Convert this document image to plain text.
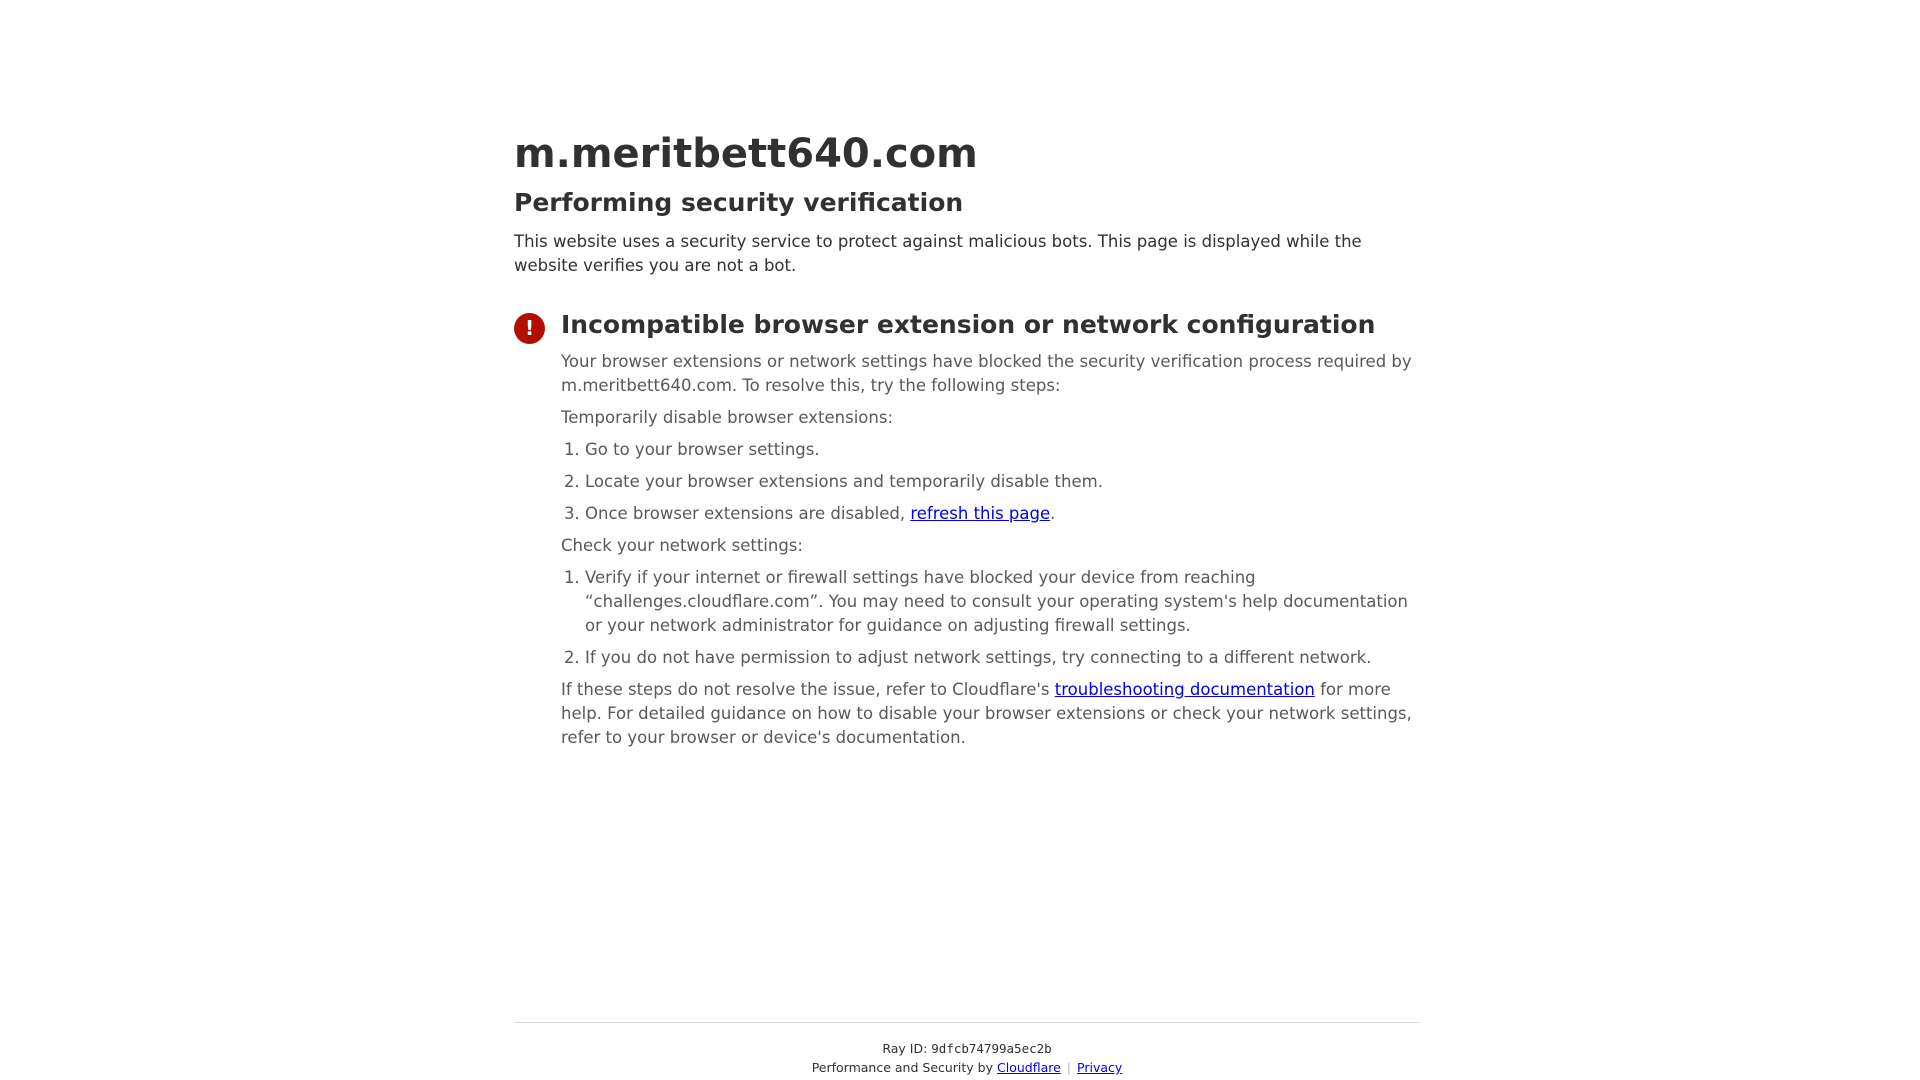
m.meritbett640.com
Performing security verification

This website uses a security service to protect against malicious bots. This page is displayed while the website verifies you are not a bot.

!	Incompatible browser extension or network configuration

Your browser extensions or network settings have blocked the security verification process required by m.meritbett640.com. To resolve this, try the following steps:

Temporarily disable browser extensions:

1. Go to your browser settings.
2. Locate your browser extensions and temporarily disable them.
3. Once browser extensions are disabled, refresh this page.

Check your network settings:

1. Verify if your internet or firewall settings have blocked your device from reaching “challenges.cloudflare.com”. You may need to consult your operating system's help documentation or your network administrator for guidance on adjusting firewall settings.
2. If you do not have permission to adjust network settings, try connecting to a different network.

If these steps do not resolve the issue, refer to Cloudflare's troubleshooting documentation for more help. For detailed guidance on how to disable your browser extensions or check your network settings, refer to your browser or device's documentation.

Ray ID: 9dfcb74799a5ec2b
Performance and Security by Cloudflare | Privacy
